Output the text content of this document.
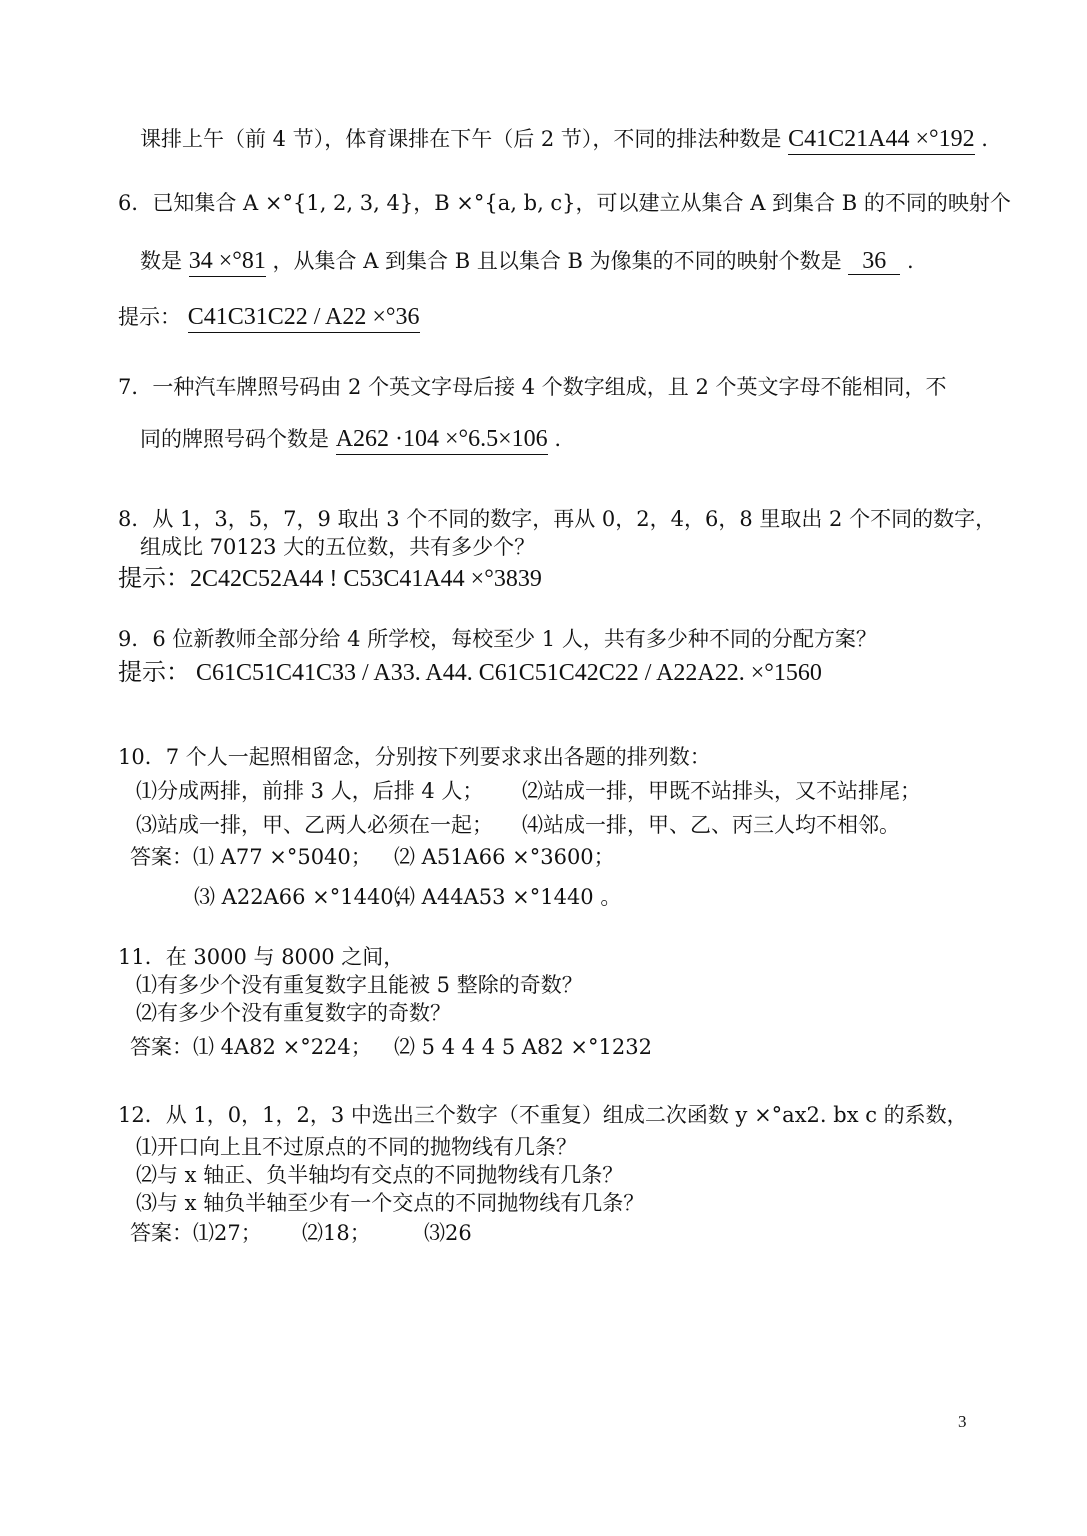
课排上午（前 4 节），体育课排在下午（后 2 节），不同的排法种数是 C41C21A44 ×°192 .
6．已知集合 A ×°{1, 2, 3, 4}，B ×°{a, b, c}，可以建立从集合 A 到集合 B 的不同的映射个
数是 34 ×°81 ，从集合 A 到集合 B 且以集合 B 为像集的不同的映射个数是 36 .
提示： C41C31C22 / A22 ×°36
7．一种汽车牌照号码由 2 个英文字母后接 4 个数字组成，且 2 个英文字母不能相同，不
同的牌照号码个数是 A262 ·104 ×°6.5×106 .
8．从 1，3，5，7，9 取出 3 个不同的数字，再从 0，2，4，6，8 里取出 2 个不同的数字，
组成比 70123 大的五位数，共有多少个？
提示：2C42C52A44 ! C53C41A44 ×°3839
9．6 位新教师全部分给 4 所学校，每校至少 1 人，共有多少种不同的分配方案？
提示： C61C51C41C33 / A33. A44. C61C51C42C22 / A22A22. ×°1560
10．7 个人一起照相留念，分别按下列要求求出各题的排列数：
⑴分成两排，前排 3 人，后排 4 人； ⑵站成一排，甲既不站排头，又不站排尾；
⑶站成一排，甲、乙两人必须在一起； ⑷站成一排，甲、乙、丙三人均不相邻。
答案：⑴ A77 ×°5040； ⑵ A51A66 ×°3600；
⑶ A22A66 ×°1440；
⑷ A44A53 ×°1440 。
11．在 3000 与 8000 之间，
⑴有多少个没有重复数字且能被 5 整除的奇数？
⑵有多少个没有重复数字的奇数？
答案：⑴ 4A82 ×°224； ⑵ 5 4 4 4 5 A82 ×°1232
12．从 1，0，1，2，3 中选出三个数字（不重复）组成二次函数 y ×°ax2. bx c 的系数，
⑴开口向上且不过原点的不同的抛物线有几条？
⑵与 x 轴正、负半轴均有交点的不同抛物线有几条？
⑶与 x 轴负半轴至少有一个交点的不同抛物线有几条？
答案：⑴27； ⑵18；	⑶26
3
